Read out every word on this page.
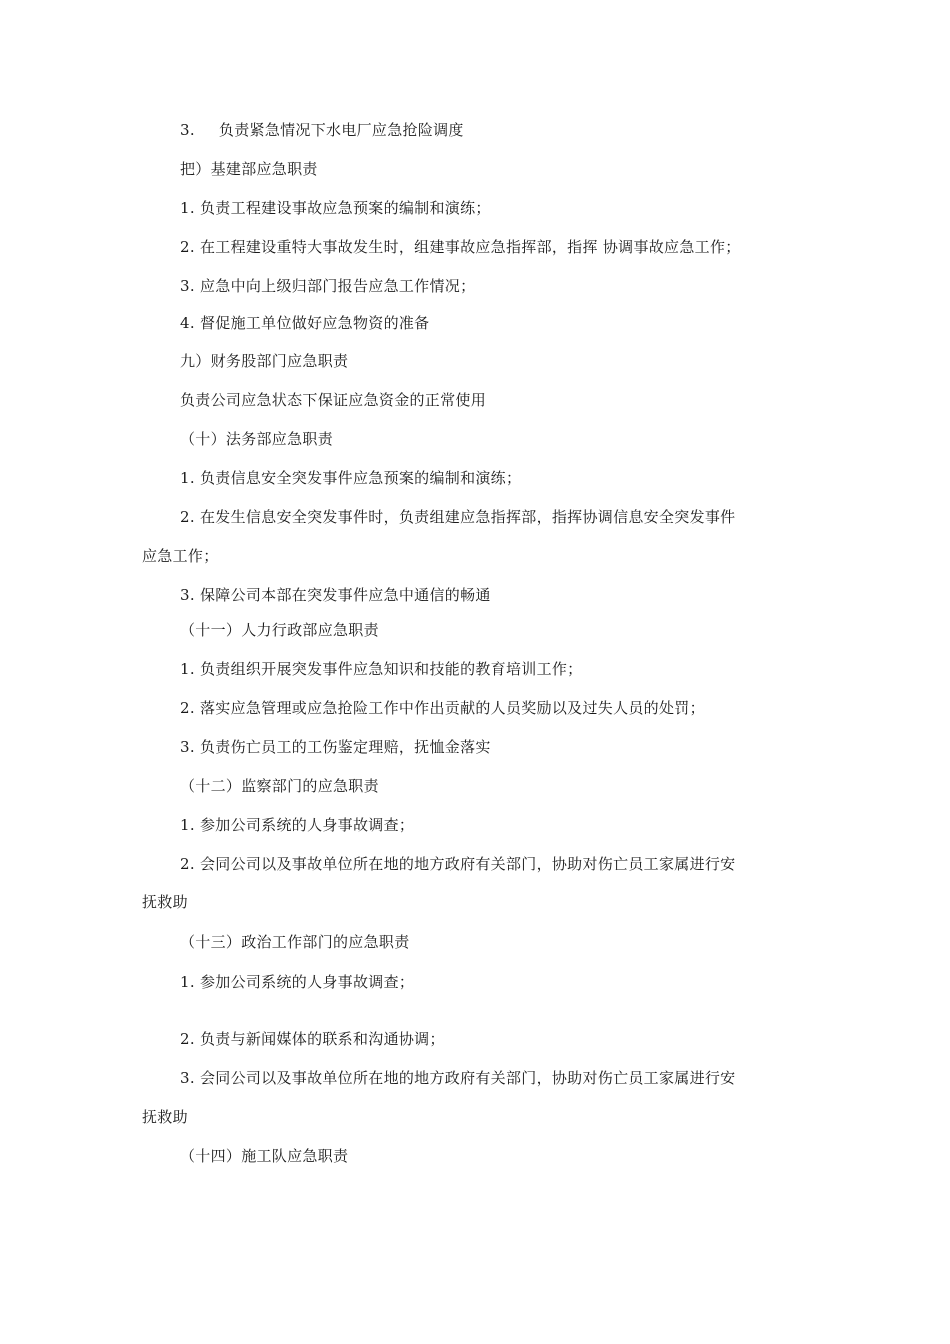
3. 负责紧急情况下水电厂应急抢险调度
把）基建部应急职责
1. 负责工程建设事故应急预案的编制和演练；
2. 在工程建设重特大事故发生时，组建事故应急指挥部，指挥 协调事故应急工作；
3. 应急中向上级归部门报告应急工作情况；
4. 督促施工单位做好应急物资的准备
九）财务股部门应急职责
负责公司应急状态下保证应急资金的正常使用
（十）法务部应急职责
1. 负责信息安全突发事件应急预案的编制和演练；
2. 在发生信息安全突发事件时，负责组建应急指挥部，指挥协调信息安全突发事件
应急工作；
3. 保障公司本部在突发事件应急中通信的畅通
（十一）人力行政部应急职责
1. 负责组织开展突发事件应急知识和技能的教育培训工作；
2. 落实应急管理或应急抢险工作中作出贡献的人员奖励以及过失人员的处罚；
3. 负责伤亡员工的工伤鉴定理赔，抚恤金落实
（十二）监察部门的应急职责
1. 参加公司系统的人身事故调查；
2. 会同公司以及事故单位所在地的地方政府有关部门，协助对伤亡员工家属进行安
抚救助
（十三）政治工作部门的应急职责
1. 参加公司系统的人身事故调查；
2. 负责与新闻媒体的联系和沟通协调；
3. 会同公司以及事故单位所在地的地方政府有关部门，协助对伤亡员工家属进行安
抚救助
（十四）施工队应急职责
